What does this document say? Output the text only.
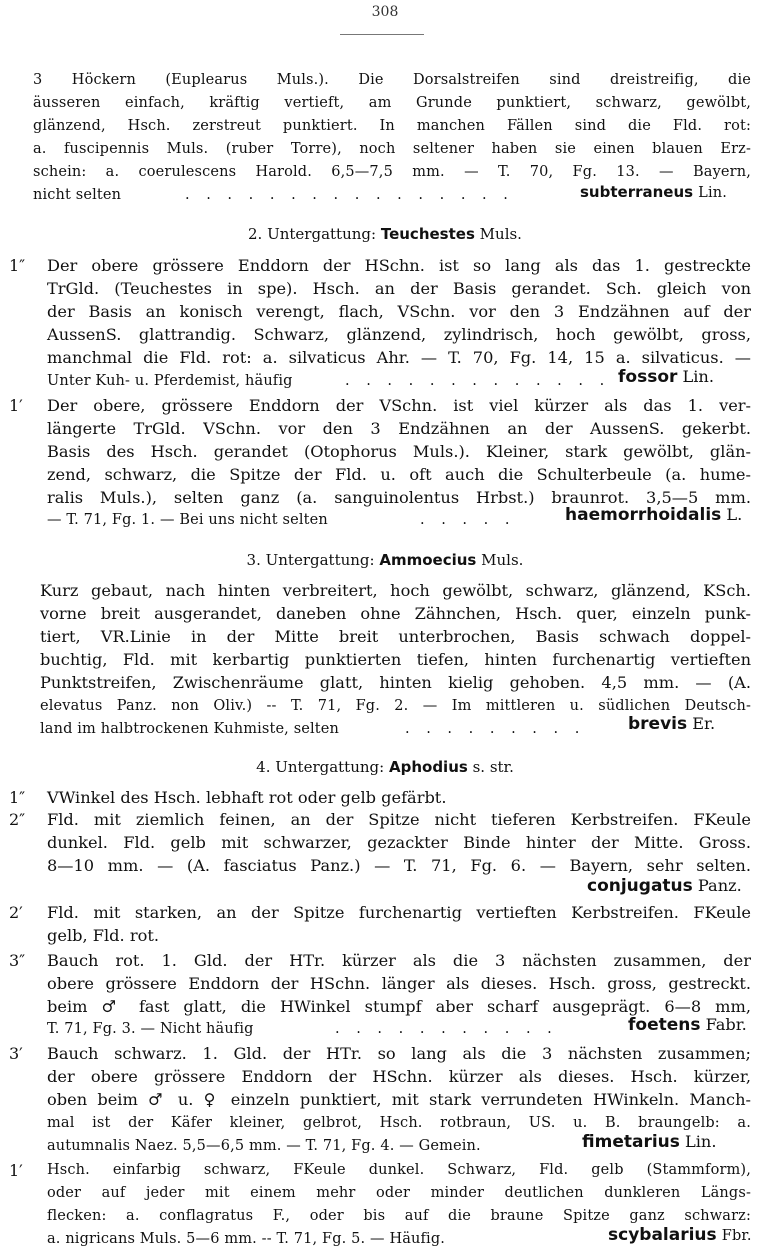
308
3 Höckern (Euplearus Muls.). Die Dorsalstreifen sind dreistreifig, die
äusseren einfach, kräftig vertieft, am Grunde punktiert, schwarz, gewölbt,
glänzend, Hsch. zerstreut punktiert. In manchen Fällen sind die Fld. rot:
a. fuscipennis Muls. (ruber Torre), noch seltener haben sie einen blauen Erz-
schein: a. coerulescens Harold. 6,5—7,5 mm. — T. 70, Fg. 13. — Bayern,
nicht selten	. . . . . . . . . . . . . . . .	subterraneus Lin.
2. Untergattung: Teuchestes Muls.
1″ Der obere grössere Enddorn der HSchn. ist so lang als das 1. gestreckte
TrGld. (Teuchestes in spe). Hsch. an der Basis gerandet. Sch. gleich von
der Basis an konisch verengt, flach, VSchn. vor den 3 Endzähnen auf der
AussenS. glattrandig. Schwarz, glänzend, zylindrisch, hoch gewölbt, gross,
manchmal die Fld. rot: a. silvaticus Ahr. — T. 70, Fg. 14, 15 a. silvaticus. —
Unter Kuh- u. Pferdemist, häufig	. . . . . . . . . . . . . fossor Lin.
1′ Der obere, grössere Enddorn der VSchn. ist viel kürzer als das 1. ver-
längerte TrGld. VSchn. vor den 3 Endzähnen an der AussenS. gekerbt.
Basis des Hsch. gerandet (Otophorus Muls.). Kleiner, stark gewölbt, glän-
zend, schwarz, die Spitze der Fld. u. oft auch die Schulterbeule (a. hume-
ralis Muls.), selten ganz (a. sanguinolentus Hrbst.) braunrot. 3,5—5 mm.
— T. 71, Fg. 1. — Bei uns nicht selten	. . . . .	haemorrhoidalis L.
3. Untergattung: Ammoecius Muls.
Kurz gebaut, nach hinten verbreitert, hoch gewölbt, schwarz, glänzend, KSch.
vorne breit ausgerandet, daneben ohne Zähnchen, Hsch. quer, einzeln punk-
tiert, VR.Linie in der Mitte breit unterbrochen, Basis schwach doppel-
buchtig, Fld. mit kerbartig punktierten tiefen, hinten furchenartig vertieften
Punktstreifen, Zwischenräume glatt, hinten kielig gehoben. 4,5 mm. — (A.
elevatus Panz. non Oliv.) -- T. 71, Fg. 2. — Im mittleren u. südlichen Deutsch-
land im halbtrockenen Kuhmiste, selten	. . . . . . . . .	brevis Er.
4. Untergattung: Aphodius s. str.
1″ VWinkel des Hsch. lebhaft rot oder gelb gefärbt.
2″ Fld. mit ziemlich feinen, an der Spitze nicht tieferen Kerbstreifen. FKeule
dunkel. Fld. gelb mit schwarzer, gezackter Binde hinter der Mitte. Gross.
8—10 mm. — (A. fasciatus Panz.) — T. 71, Fg. 6. — Bayern, sehr selten.
conjugatus Panz.
2′ Fld. mit starken, an der Spitze furchenartig vertieften Kerbstreifen. FKeule
gelb, Fld. rot.
3″ Bauch rot. 1. Gld. der HTr. kürzer als die 3 nächsten zusammen, der
obere grössere Enddorn der HSchn. länger als dieses. Hsch. gross, gestreckt.
beim ♂ fast glatt, die HWinkel stumpf aber scharf ausgeprägt. 6—8 mm,
T. 71, Fg. 3. — Nicht häufig	. . . . . . . . . . .	foetens Fabr.
3′ Bauch schwarz. 1. Gld. der HTr. so lang als die 3 nächsten zusammen;
der obere grössere Enddorn der HSchn. kürzer als dieses. Hsch. kürzer,
oben beim ♂ u. ♀ einzeln punktiert, mit stark verrundeten HWinkeln. Manch-
mal ist der Käfer kleiner, gelbrot, Hsch. rotbraun, US. u. B. braungelb: a.
autumnalis Naez. 5,5—6,5 mm. — T. 71, Fg. 4. — Gemein.	fimetarius Lin.
1′ Hsch. einfarbig schwarz, FKeule dunkel. Schwarz, Fld. gelb (Stammform),
oder auf jeder mit einem mehr oder minder deutlichen dunkleren Längs-
flecken: a. conflagratus F., oder bis auf die braune Spitze ganz schwarz:
a. nigricans Muls. 5—6 mm. -- T. 71, Fg. 5. — Häufig.	scybalarius Fbr.
